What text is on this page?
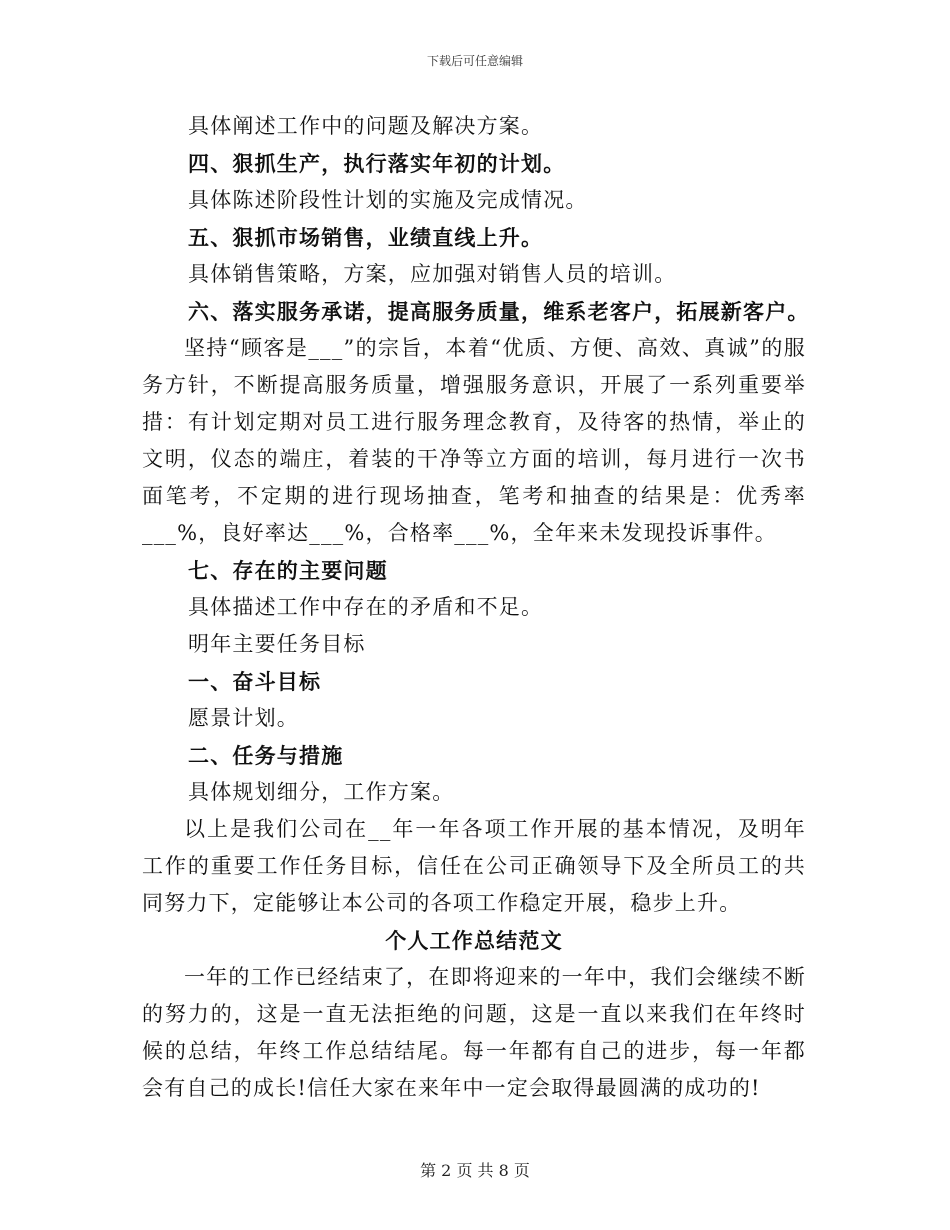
下载后可任意编辑
具体阐述工作中的问题及解决方案。
四、狠抓生产，执行落实年初的计划。
具体陈述阶段性计划的实施及完成情况。
五、狠抓市场销售，业绩直线上升。
具体销售策略，方案，应加强对销售人员的培训。
六、落实服务承诺，提高服务质量，维系老客户，拓展新客户。
坚持“顾客是___”的宗旨，本着“优质、方便、高效、真诚”的服务方针，不断提高服务质量，增强服务意识，开展了一系列重要举措：有计划定期对员工进行服务理念教育，及待客的热情，举止的文明，仪态的端庄，着装的干净等立方面的培训，每月进行一次书面笔考，不定期的进行现场抽查，笔考和抽查的结果是：优秀率___%，良好率达___%，合格率___%，全年来未发现投诉事件。
七、存在的主要问题
具体描述工作中存在的矛盾和不足。
明年主要任务目标
一、奋斗目标
愿景计划。
二、任务与措施
具体规划细分，工作方案。
以上是我们公司在__年一年各项工作开展的基本情况，及明年工作的重要工作任务目标，信任在公司正确领导下及全所员工的共同努力下，定能够让本公司的各项工作稳定开展，稳步上升。
个人工作总结范文
一年的工作已经结束了，在即将迎来的一年中，我们会继续不断的努力的，这是一直无法拒绝的问题，这是一直以来我们在年终时候的总结，年终工作总结结尾。每一年都有自己的进步，每一年都会有自己的成长!信任大家在来年中一定会取得最圆满的成功的!
第 2 页 共 8 页
